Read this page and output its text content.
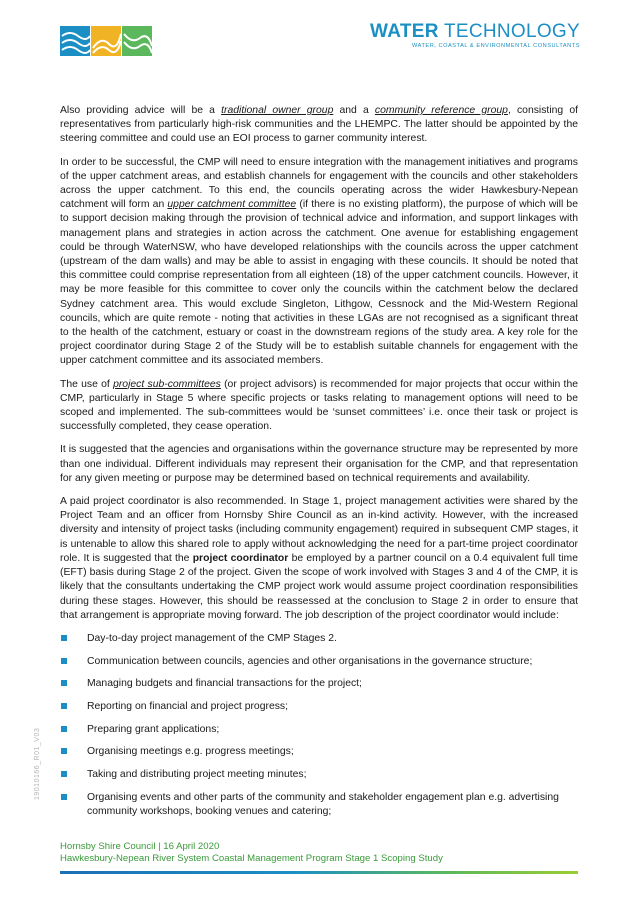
WATER TECHNOLOGY
WATER, COASTAL & ENVIRONMENTAL CONSULTANTS

Also providing advice will be a traditional owner group and a community reference group, consisting of representatives from particularly high-risk communities and the LHEMPC. The latter should be appointed by the steering committee and could use an EOI process to garner community interest.

In order to be successful, the CMP will need to ensure integration with the management initiatives and programs of the upper catchment areas, and establish channels for engagement with the councils and other stakeholders across the upper catchment. To this end, the councils operating across the wider Hawkesbury-Nepean catchment will form an upper catchment committee (if there is no existing platform), the purpose of which will be to support decision making through the provision of technical advice and information, and support linkages with management plans and strategies in action across the catchment. One avenue for establishing engagement could be through WaterNSW, who have developed relationships with the councils across the upper catchment (upstream of the dam walls) and may be able to assist in engaging with these councils. It should be noted that this committee could comprise representation from all eighteen (18) of the upper catchment councils. However, it may be more feasible for this committee to cover only the councils within the catchment below the declared Sydney catchment area. This would exclude Singleton, Lithgow, Cessnock and the Mid-Western Regional councils, which are quite remote - noting that activities in these LGAs are not recognised as a significant threat to the health of the catchment, estuary or coast in the downstream regions of the study area. A key role for the project coordinator during Stage 2 of the Study will be to establish suitable channels for engagement with the upper catchment committee and its associated members.

The use of project sub-committees (or project advisors) is recommended for major projects that occur within the CMP, particularly in Stage 5 where specific projects or tasks relating to management options will need to be scoped and implemented. The sub-committees would be ‘sunset committees’ i.e. once their task or project is successfully completed, they cease operation.

It is suggested that the agencies and organisations within the governance structure may be represented by more than one individual. Different individuals may represent their organisation for the CMP, and that representation for any given meeting or purpose may be determined based on technical requirements and availability.

A paid project coordinator is also recommended. In Stage 1, project management activities were shared by the Project Team and an officer from Hornsby Shire Council as an in-kind activity. However, with the increased diversity and intensity of project tasks (including community engagement) required in subsequent CMP stages, it is untenable to allow this shared role to apply without acknowledging the need for a part-time project coordinator role. It is suggested that the project coordinator be employed by a partner council on a 0.4 equivalent full time (EFT) basis during Stage 2 of the project. Given the scope of work involved with Stages 3 and 4 of the CMP, it is likely that the consultants undertaking the CMP project work would assume project coordination responsibilities during these stages. However, this should be reassessed at the conclusion to Stage 2 in order to ensure that that arrangement is appropriate moving forward. The job description of the project coordinator would include:

Day-to-day project management of the CMP Stages 2.
Communication between councils, agencies and other organisations in the governance structure;
Managing budgets and financial transactions for the project;
Reporting on financial and project progress;
Preparing grant applications;
Organising meetings e.g. progress meetings;
Taking and distributing project meeting minutes;
Organising events and other parts of the community and stakeholder engagement plan e.g. advertising community workshops, booking venues and catering;
19010166_R01_V03
Hornsby Shire Council | 16 April 2020
Hawkesbury-Nepean River System Coastal Management Program Stage 1 Scoping Study
